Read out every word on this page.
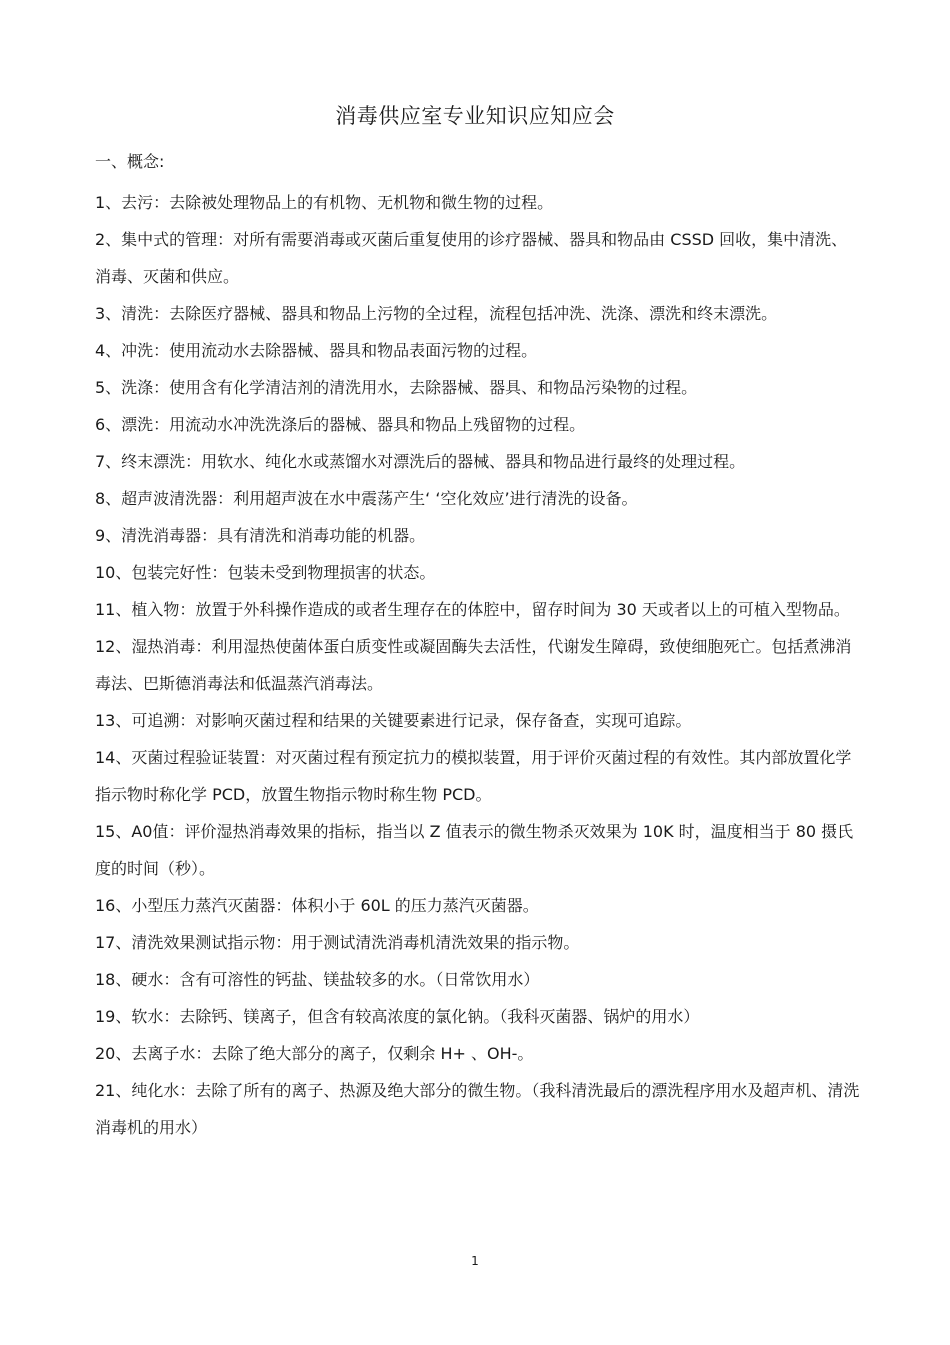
消毒供应室专业知识应知应会
一、概念:

1、去污：去除被处理物品上的有机物、无机物和微生物的过程。

2、集中式的管理：对所有需要消毒或灭菌后重复使用的诊疗器械、器具和物品由 CSSD 回收，集中清洗、消毒、灭菌和供应。

3、清洗：去除医疗器械、器具和物品上污物的全过程，流程包括冲洗、洗涤、漂洗和终末漂洗。

4、冲洗：使用流动水去除器械、器具和物品表面污物的过程。

5、洗涤：使用含有化学清洁剂的清洗用水，去除器械、器具、和物品污染物的过程。

6、漂洗：用流动水冲洗洗涤后的器械、器具和物品上残留物的过程。

7、终末漂洗：用软水、纯化水或蒸馏水对漂洗后的器械、器具和物品进行最终的处理过程。

8、超声波清洗器：利用超声波在水中震荡产生‘ ‘空化效应’进行清洗的设备。

9、清洗消毒器：具有清洗和消毒功能的机器。

10、包装完好性：包装未受到物理损害的状态。

11、植入物：放置于外科操作造成的或者生理存在的体腔中，留存时间为 30 天或者以上的可植入型物品。

12、湿热消毒：利用湿热使菌体蛋白质变性或凝固酶失去活性，代谢发生障碍，致使细胞死亡。包括煮沸消毒法、巴斯德消毒法和低温蒸汽消毒法。

13、可追溯：对影响灭菌过程和结果的关键要素进行记录，保存备查，实现可追踪。

14、灭菌过程验证装置：对灭菌过程有预定抗力的模拟装置，用于评价灭菌过程的有效性。其内部放置化学指示物时称化学 PCD，放置生物指示物时称生物 PCD。

15、A0值：评价湿热消毒效果的指标，指当以 Z 值表示的微生物杀灭效果为 10K 时，温度相当于 80 摄氏度的时间（秒）。

16、小型压力蒸汽灭菌器：体积小于 60L 的压力蒸汽灭菌器。

17、清洗效果测试指示物：用于测试清洗消毒机清洗效果的指示物。

18、硬水：含有可溶性的钙盐、镁盐较多的水。（日常饮用水）

19、软水：去除钙、镁离子，但含有较高浓度的氯化钠。（我科灭菌器、锅炉的用水）

20、去离子水：去除了绝大部分的离子，仅剩余 H+ 、OH-。

21、纯化水：去除了所有的离子、热源及绝大部分的微生物。（我科清洗最后的漂洗程序用水及超声机、清洗消毒机的用水）

1
